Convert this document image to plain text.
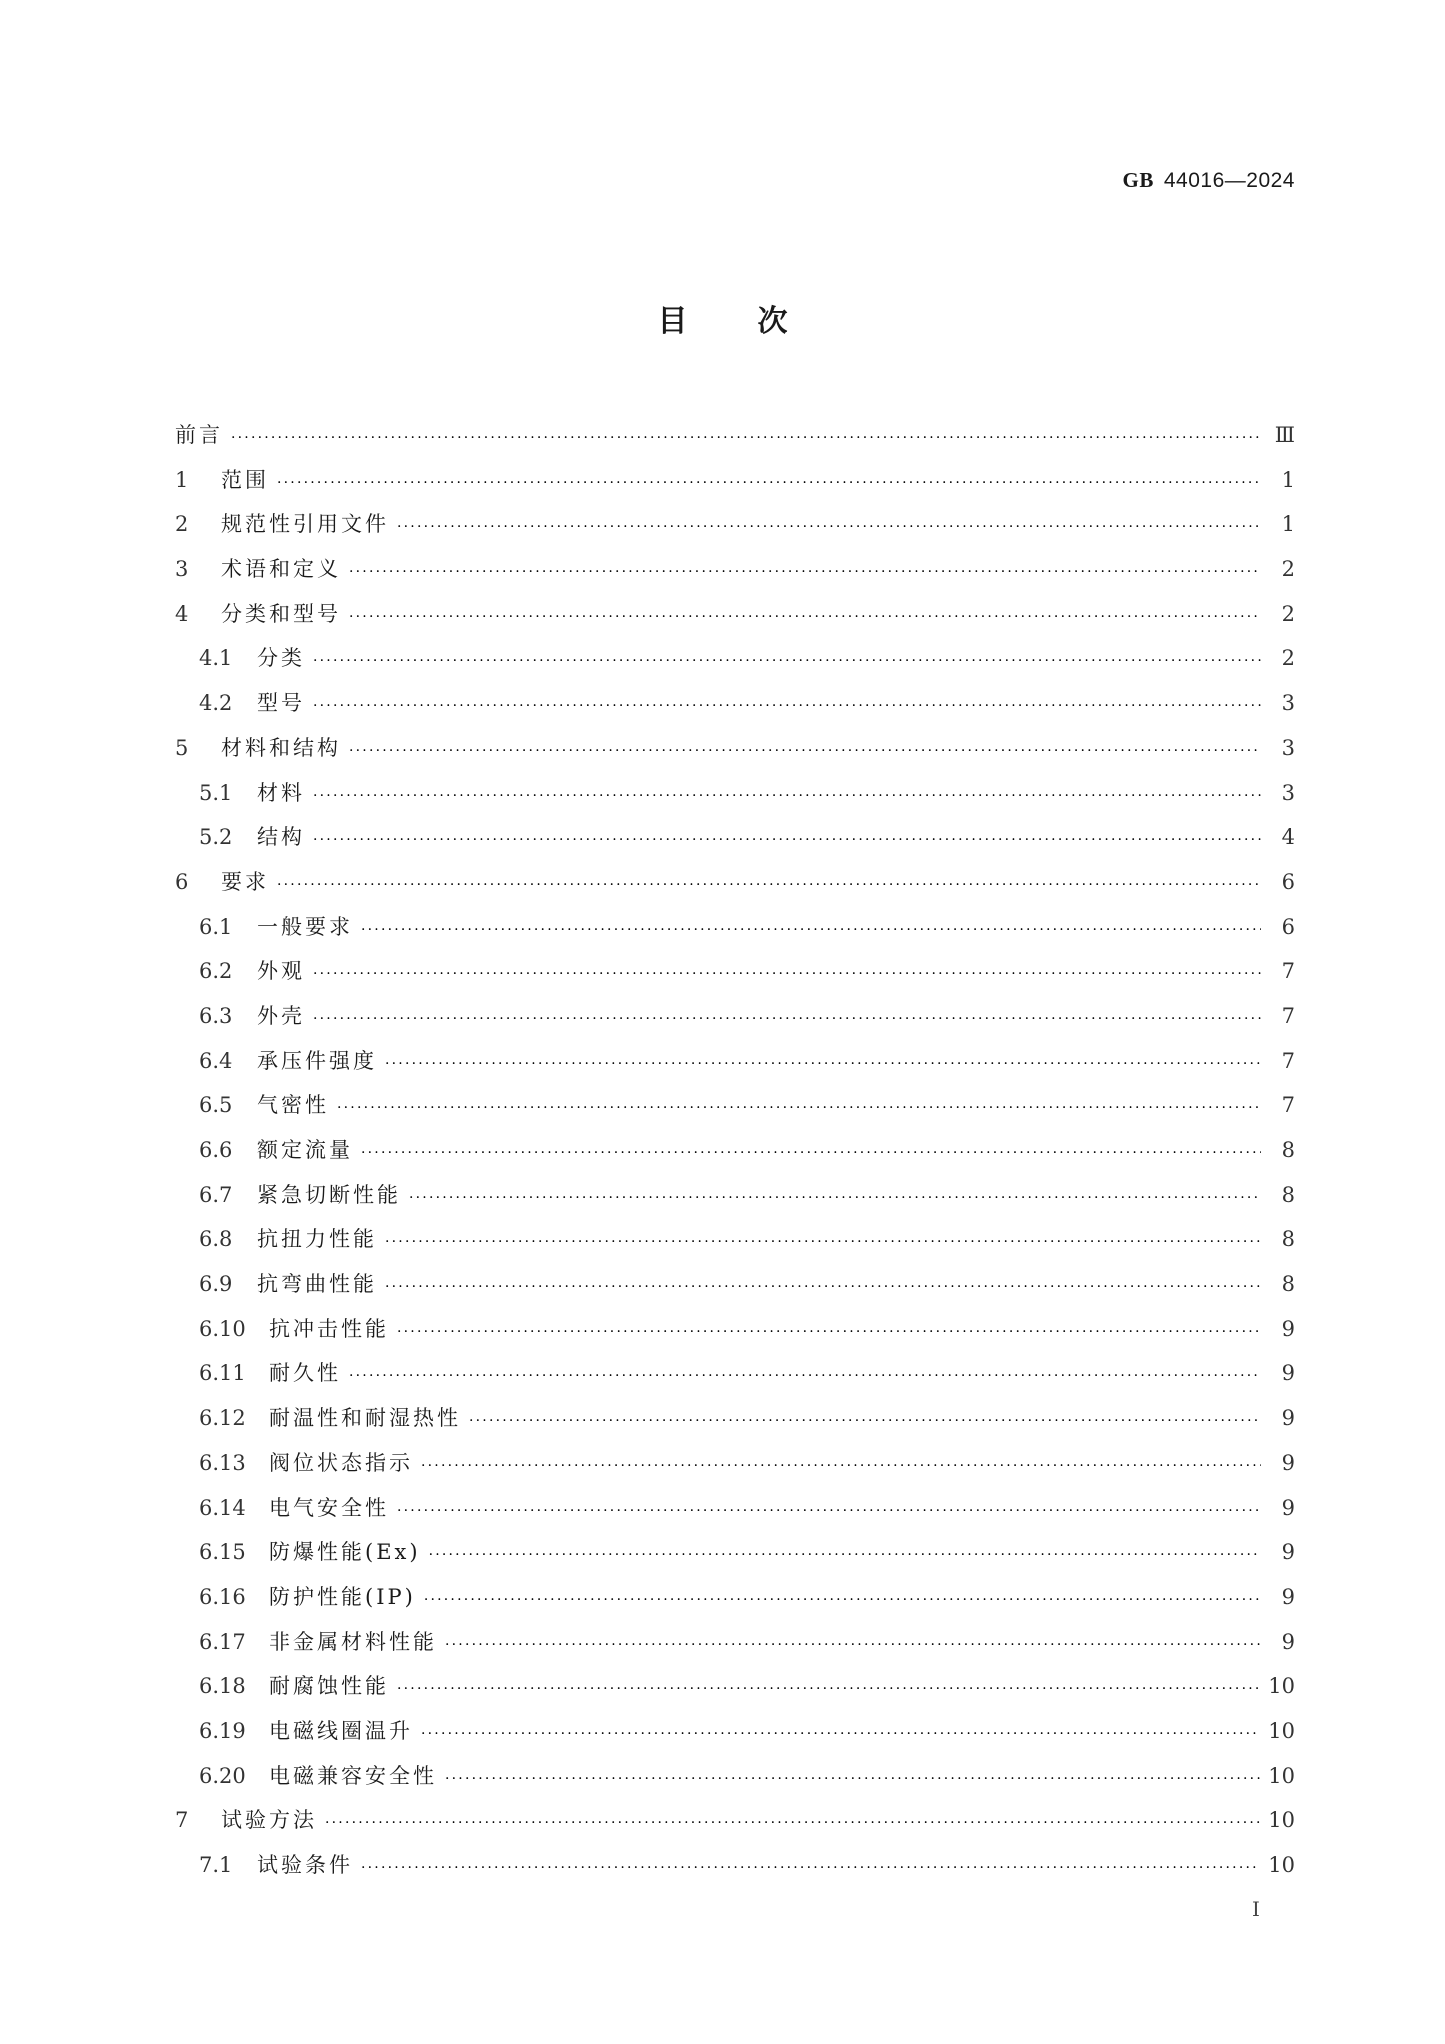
GB 44016—2024
目 次
前言 ·····	Ⅲ
1	范围 ·····	1
2	规范性引用文件 ·····	1
3	术语和定义 ·····	2
4	分类和型号 ·····	2
4.1	分类 ·····	2
4.2	型号 ·····	3
5	材料和结构 ·····	3
5.1	材料 ·····	3
5.2	结构 ·····	4
6	要求 ·····	6
6.1	一般要求 ·····	6
6.2	外观 ·····	7
6.3	外壳 ·····	7
6.4	承压件强度 ·····	7
6.5	气密性 ·····	7
6.6	额定流量 ·····	8
6.7	紧急切断性能 ·····	8
6.8	抗扭力性能 ·····	8
6.9	抗弯曲性能 ·····	8
6.10	抗冲击性能 ·····	9
6.11	耐久性 ·····	9
6.12	耐温性和耐湿热性 ·····	9
6.13	阀位状态指示 ·····	9
6.14	电气安全性 ·····	9
6.15	防爆性能(Ex) ·····	9
6.16	防护性能(IP) ·····	9
6.17	非金属材料性能 ·····	9
6.18	耐腐蚀性能 ·····	10
6.19	电磁线圈温升 ·····	10
6.20	电磁兼容安全性 ·····	10
7	试验方法 ·····	10
7.1	试验条件 ·····	10
I
